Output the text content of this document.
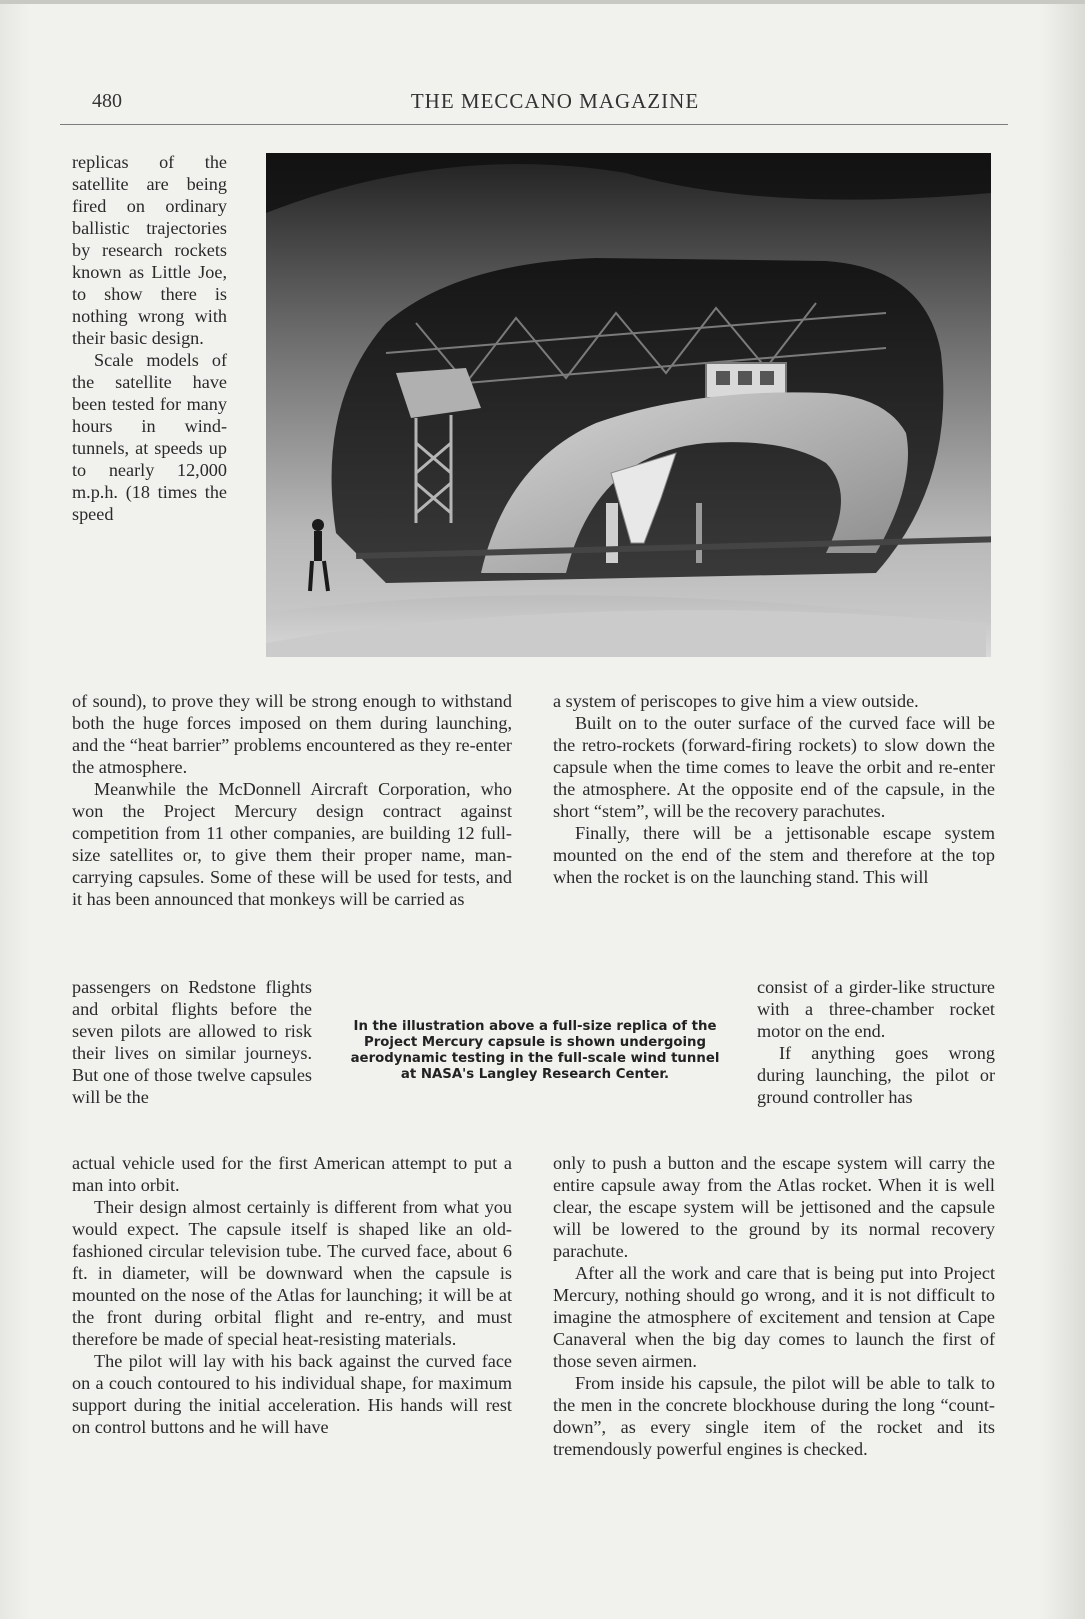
480	THE MECCANO MAGAZINE

replicas of the satellite are being fired on ordinary ballistic trajectories by research rockets known as Little Joe, to show there is nothing wrong with their basic design.

Scale models of the satellite have been tested for many hours in wind-tunnels, at speeds up to nearly 12,000 m.p.h. (18 times the speed

of sound), to prove they will be strong enough to withstand both the huge forces imposed on them during launching, and the “heat barrier” problems encountered as they re-enter the atmosphere.

Meanwhile the McDonnell Aircraft Corporation, who won the Project Mercury design contract against competition from 11 other companies, are building 12 full-size satellites or, to give them their proper name, man-carrying capsules. Some of these will be used for tests, and it has been announced that monkeys will be carried as

passengers on Redstone flights and orbital flights before the seven pilots are allowed to risk their lives on similar journeys. But one of those twelve capsules will be the

In the illustration above a full-size replica of the Project Mercury capsule is shown undergoing aerodynamic testing in the full-scale wind tunnel at NASA's Langley Research Center.

actual vehicle used for the first American attempt to put a man into orbit.

Their design almost certainly is different from what you would expect. The capsule itself is shaped like an old-fashioned circular television tube. The curved face, about 6 ft. in diameter, will be downward when the capsule is mounted on the nose of the Atlas for launching; it will be at the front during orbital flight and re-entry, and must therefore be made of special heat-resisting materials.

The pilot will lay with his back against the curved face on a couch contoured to his individual shape, for maximum support during the initial acceleration. His hands will rest on control buttons and he will have

a system of periscopes to give him a view outside.

Built on to the outer surface of the curved face will be the retro-rockets (forward-firing rockets) to slow down the capsule when the time comes to leave the orbit and re-enter the atmosphere. At the opposite end of the capsule, in the short “stem”, will be the recovery parachutes.

Finally, there will be a jettisonable escape system mounted on the end of the stem and therefore at the top when the rocket is on the launching stand. This will

consist of a girder-like structure with a three-chamber rocket motor on the end.

If anything goes wrong during launching, the pilot or ground controller has

only to push a button and the escape system will carry the entire capsule away from the Atlas rocket. When it is well clear, the escape system will be jettisoned and the capsule will be lowered to the ground by its normal recovery parachute.

After all the work and care that is being put into Project Mercury, nothing should go wrong, and it is not difficult to imagine the atmosphere of excitement and tension at Cape Canaveral when the big day comes to launch the first of those seven airmen.

From inside his capsule, the pilot will be able to talk to the men in the concrete blockhouse during the long “count-down”, as every single item of the rocket and its tremendously powerful engines is checked.
